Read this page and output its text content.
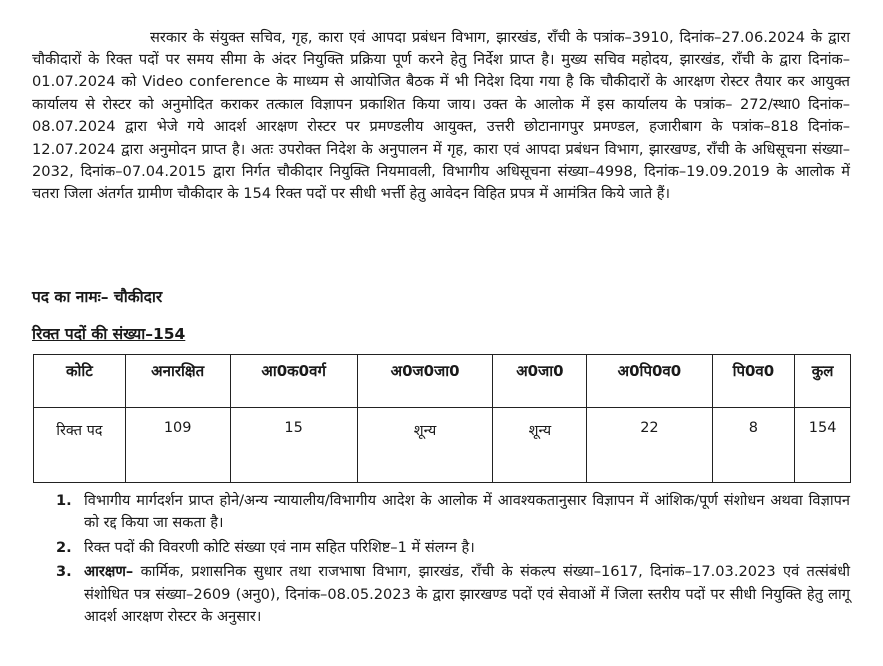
सरकार के संयुक्त सचिव, गृह, कारा एवं आपदा प्रबंधन विभाग, झारखंड, राँची के पत्रांक–3910, दिनांक–27.06.2024 के द्वारा चौकीदारों के रिक्त पदों पर समय सीमा के अंदर नियुक्ति प्रक्रिया पूर्ण करने हेतु निर्देश प्राप्त है। मुख्य सचिव महोदय, झारखंड, राँची के द्वारा दिनांक–01.07.2024 को Video conference के माध्यम से आयोजित बैठक में भी निदेश दिया गया है कि चौकीदारों के आरक्षण रोस्टर तैयार कर आयुक्त कार्यालय से रोस्टर को अनुमोदित कराकर तत्काल विज्ञापन प्रकाशित किया जाय। उक्त के आलोक में इस कार्यालय के पत्रांक– 272/स्था0 दिनांक–08.07.2024 द्वारा भेजे गये आदर्श आरक्षण रोस्टर पर प्रमण्डलीय आयुक्त, उत्तरी छोटानागपुर प्रमण्डल, हजारीबाग के पत्रांक–818 दिनांक–12.07.2024 द्वारा अनुमोदन प्राप्त है। अतः उपरोक्त निदेश के अनुपालन में गृह, कारा एवं आपदा प्रबंधन विभाग, झारखण्ड, राँची के अधिसूचना संख्या–2032, दिनांक–07.04.2015 द्वारा निर्गत चौकीदार नियुक्ति नियमावली, विभागीय अधिसूचना संख्या–4998, दिनांक–19.09.2019 के आलोक में चतरा जिला अंतर्गत ग्रामीण चौकीदार के 154 रिक्त पदों पर सीधी भर्त्ती हेतु आवेदन विहित प्रपत्र में आमंत्रित किये जाते हैं।

पद का नामः– चौकीदार
रिक्त पदों की संख्या–154
कोटि	अनारक्षित	आ0क0वर्ग	अ0ज0जा0	अ0जा0	अ0पि0व0	पि0व0	कुल
रिक्त पद	109	15	शून्य	शून्य	22	8	154
1. विभागीय मार्गदर्शन प्राप्त होने/अन्य न्यायालीय/विभागीय आदेश के आलोक में आवश्यकतानुसार विज्ञापन में आंशिक/पूर्ण संशोधन अथवा विज्ञापन को रद्द किया जा सकता है।
2. रिक्त पदों की विवरणी कोटि संख्या एवं नाम सहित परिशिष्ट–1 में संलग्न है।
3. आरक्षण– कार्मिक, प्रशासनिक सुधार तथा राजभाषा विभाग, झारखंड, राँची के संकल्प संख्या–1617, दिनांक–17.03.2023 एवं तत्संबंधी संशोधित पत्र संख्या–2609 (अनु0), दिनांक–08.05.2023 के द्वारा झारखण्ड पदों एवं सेवाओं में जिला स्तरीय पदों पर सीधी नियुक्ति हेतु लागू आदर्श आरक्षण रोस्टर के अनुसार।
